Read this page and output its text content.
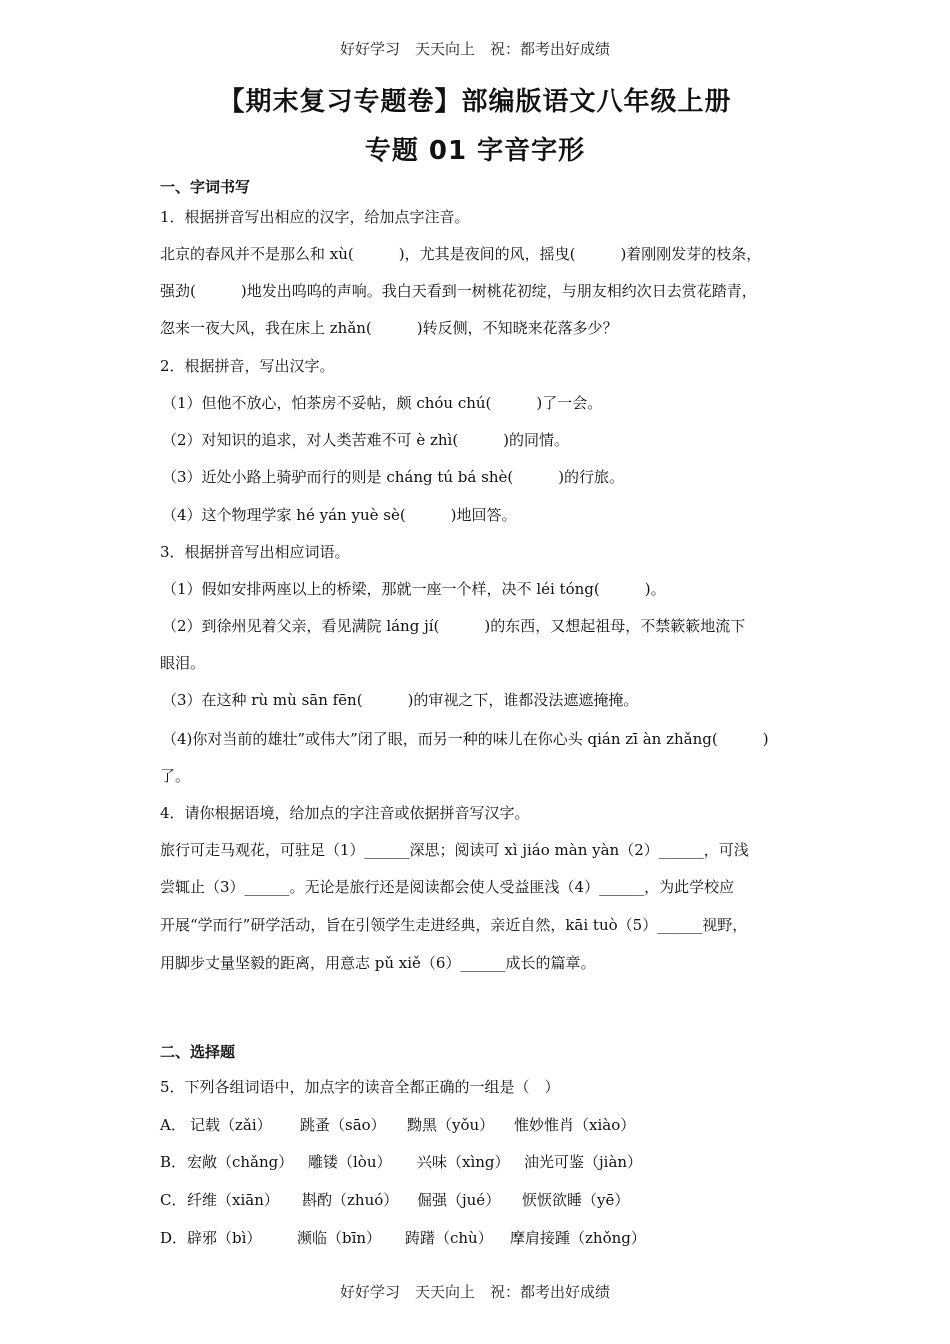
好好学习　天天向上　祝：都考出好成绩
【期末复习专题卷】部编版语文八年级上册
专题 01 字音字形
一、字词书写
1．根据拼音写出相应的汉字，给加点字注音。
北京的春风并不是那么和 xù(　　　)，尤其是夜间的风，摇曳(　　　)着刚刚发芽的枝条，
强劲(　　　)地发出呜呜的声响。我白天看到一树桃花初绽，与朋友相约次日去赏花踏青，
忽来一夜大风，我在床上 zhǎn(　　　)转反侧，不知晓来花落多少？
2．根据拼音，写出汉字。
（1）但他不放心，怕茶房不妥帖，颇 chóu chú(　　　)了一会。
（2）对知识的追求，对人类苦难不可 è zhì(　　　)的同情。
（3）近处小路上骑驴而行的则是 cháng tú bá shè(　　　)的行旅。
（4）这个物理学家 hé yán yuè sè(　　　)地回答。
3．根据拼音写出相应词语。
（1）假如安排两座以上的桥梁，那就一座一个样，决不 léi tóng(　　　)。
（2）到徐州见着父亲，看见满院 láng jí(　　　)的东西，又想起祖母，不禁簌簌地流下
眼泪。
（3）在这种 rù mù sān fēn(　　　)的审视之下，谁都没法遮遮掩掩。
（4)你对当前的雄壮”或伟大”闭了眼，而另一种的味儿在你心头 qián zī àn zhǎng(　　　)
了。
4．请你根据语境，给加点的字注音或依据拼音写汉字。
旅行可走马观花，可驻足（1）______深思；阅读可 xì jiáo màn yàn（2）______，可浅
尝辄止（3）______。无论是旅行还是阅读都会使人受益匪浅（4）______，为此学校应
开展“学而行”研学活动，旨在引领学生走进经典，亲近自然，kāi tuò（5）______视野，
用脚步丈量坚毅的距离，用意志 pǔ xiě（6）______成长的篇章。
二、选择题
5．下列各组词语中，加点字的读音全都正确的一组是（　）
A． 记载（zǎi） 跳蚤（sāo） 黝黑（yǒu） 惟妙惟肖（xiào）
B．宏敞（chǎng） 雕镂（lòu） 兴味（xìng） 油光可鉴（jiàn）
C．纤维（xiān） 斟酌（zhuó） 倔强（jué） 恹恹欲睡（yē）
D．辟邪（bì） 濒临（bīn） 踌躇（chù） 摩肩接踵（zhǒng）
好好学习　天天向上　祝：都考出好成绩
